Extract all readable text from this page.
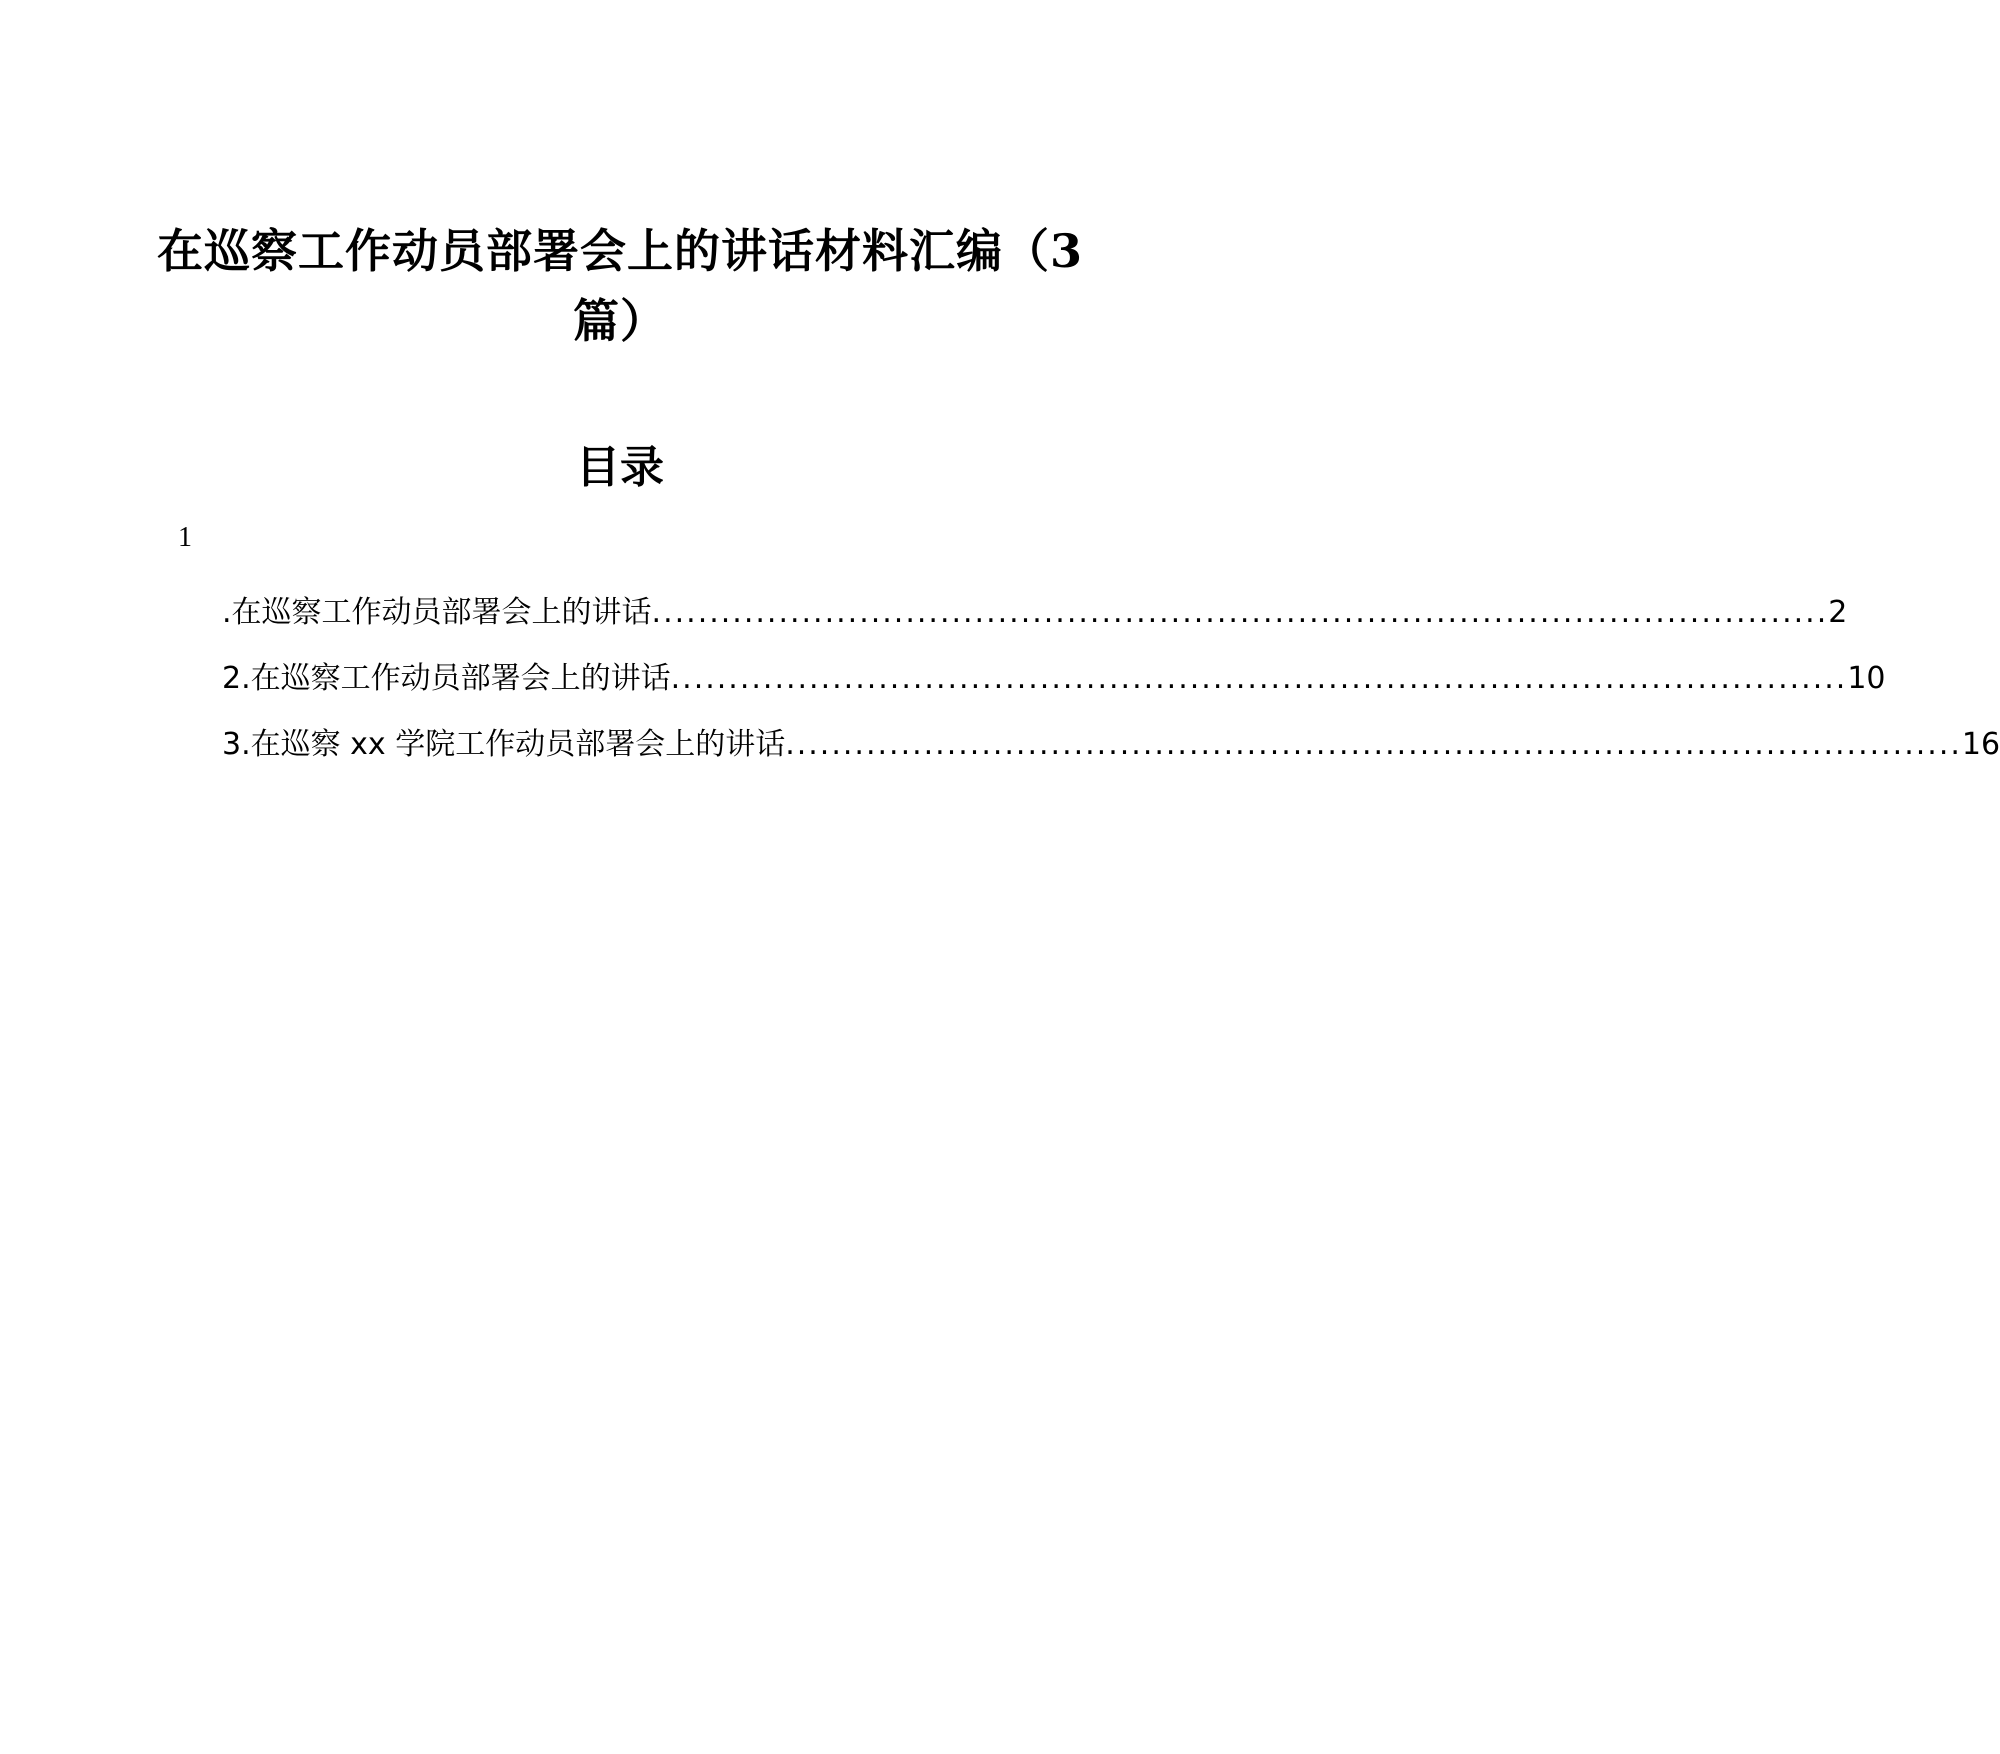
在巡察工作动员部署会上的讲话材料汇编（3篇）
目录
1
.在巡察工作动员部署会上的讲话 ...................................................................................................... 2
2.在巡察工作动员部署会上的讲话 ...................................................................................................... 10
3.在巡察 xx 学院工作动员部署会上的讲话 ...................................................................................................... 16
